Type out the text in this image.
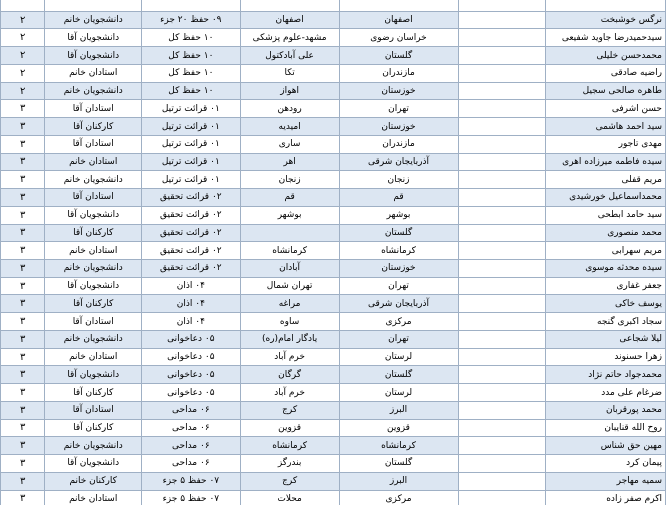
نرگس خوشبخت		اصفهان	اصفهان	۰۹ حفظ ۲۰ جزء	دانشجویان خانم	۲
سیدحمیدرضا جاوید شفیعی		خراسان رضوی	مشهد-علوم پزشکی	۱۰ حفظ کل	دانشجویان آقا	۲
محمدحسن خلیلی		گلستان	علی آبادکتول	۱۰ حفظ کل	دانشجویان آقا	۲
راضیه صادقی		مازندران	تکا	۱۰ حفظ کل	استادان خانم	۲
طاهره صالحی سجیل		خوزستان	اهواز	۱۰ حفظ کل	دانشجویان خانم	۲
حسن اشرفی		تهران	رودهن	۰۱ قرائت ترتیل	استادان آقا	۳
سید احمد هاشمی		خوزستان	امیدیه	۰۱ قرائت ترتیل	کارکنان آقا	۳
مهدی تاجور		مازندران	ساری	۰۱ قرائت ترتیل	استادان آقا	۳
سیده فاطمه میرزاده اهری		آذربایجان شرقی	اهر	۰۱ قرائت ترتیل	استادان خانم	۳
مریم قفلی		زنجان	زنجان	۰۱ قرائت ترتیل	دانشجویان خانم	۳
محمداسماعیل خورشیدی		قم	قم	۰۲ قرائت تحقیق	استادان آقا	۳
سید حامد ابطحی		بوشهر	بوشهر	۰۲ قرائت تحقیق	دانشجویان آقا	۳
محمد منصوری		گلستان		۰۲ قرائت تحقیق	کارکنان آقا	۳
مریم سهرابی		کرمانشاه	کرمانشاه	۰۲ قرائت تحقیق	استادان خانم	۳
سیده محدثه موسوی		خوزستان	آبادان	۰۲ قرائت تحقیق	دانشجویان خانم	۳
جعفر غفاری		تهران	تهران شمال	۰۴ اذان	دانشجویان آقا	۳
یوسف خاکی		آذربایجان شرقی	مراغه	۰۴ اذان	کارکنان آقا	۳
سجاد اکبری گنجه		مرکزی	ساوه	۰۴ اذان	استادان آقا	۳
لیلا شجاعی		تهران	یادگار امام(ره)	۰۵ دعاخوانی	دانشجویان خانم	۳
زهرا حسنوند		لرستان	خرم آباد	۰۵ دعاخوانی	استادان خانم	۳
محمدجواد حاتم نژاد		گلستان	گرگان	۰۵ دعاخوانی	دانشجویان آقا	۳
ضرغام علی مدد		لرستان	خرم آباد	۰۵ دعاخوانی	کارکنان آقا	۳
محمد پورقربان		البرز	کرج	۰۶ مداحی	استادان آقا	۳
روح الله قنایبان		قزوین	قزوین	۰۶ مداحی	کارکنان آقا	۳
مهین حق شناس		کرمانشاه	کرمانشاه	۰۶ مداحی	دانشجویان خانم	۳
پیمان کرد		گلستان	بندرگز	۰۶ مداحی	دانشجویان آقا	۳
سمیه مهاجر		البرز	کرج	۰۷ حفظ ۵ جزء	کارکنان خانم	۳
اکرم صفر زاده		مرکزی	محلات	۰۷ حفظ ۵ جزء	استادان خانم	۳
